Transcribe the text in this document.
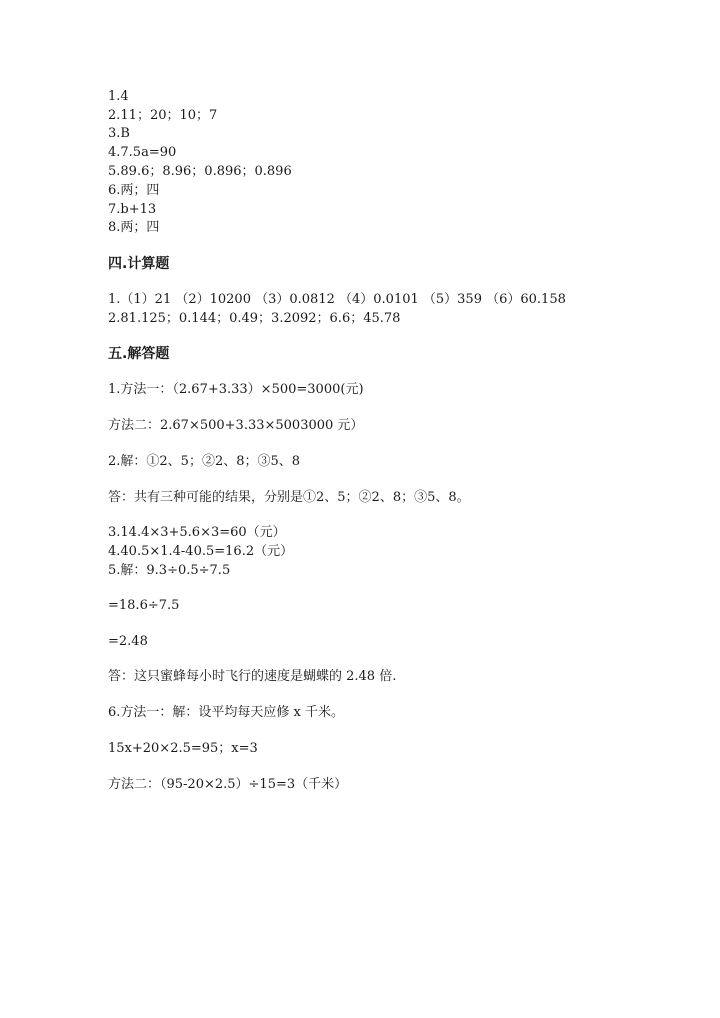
1.4
2.11；20；10；7
3.B
4.7.5a=90
5.89.6；8.96；0.896；0.896
6.两；四
7.b+13
8.两；四
四.计算题
1.（1）21 （2）10200 （3）0.0812 （4）0.0101 （5）359 （6）60.158
2.81.125；0.144；0.49；3.2092；6.6；45.78
五.解答题
1.方法一：（2.67+3.33）×500=3000(元)
方法二：2.67×500+3.33×5003000 元）
2.解：①2、5；②2、8；③5、8
答：共有三种可能的结果，分别是①2、5；②2、8；③5、8。
3.14.4×3+5.6×3=60（元）
4.40.5×1.4-40.5=16.2（元）
5.解：9.3÷0.5÷7.5
=18.6÷7.5
=2.48
答：这只蜜蜂每小时飞行的速度是蝴蝶的 2.48 倍.
6.方法一：解：设平均每天应修 x 千米。
15x+20×2.5=95；x=3
方法二：（95-20×2.5）÷15=3（千米）
